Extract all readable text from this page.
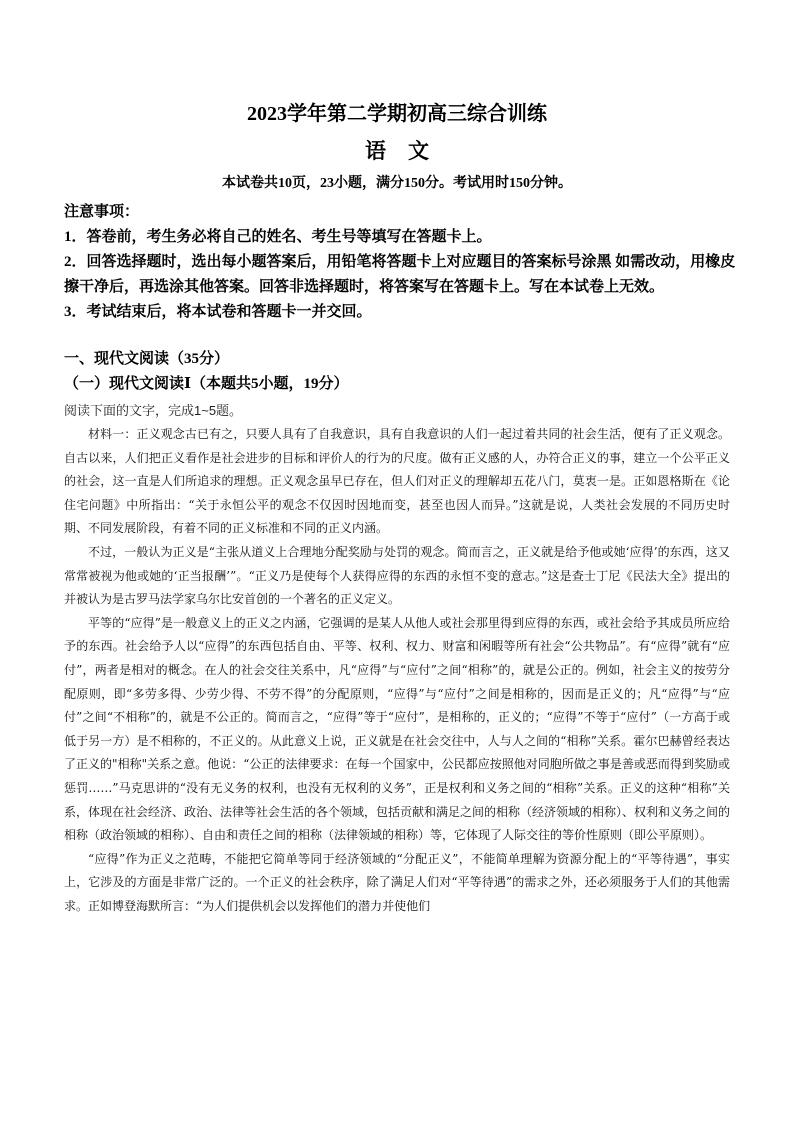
2023学年第二学期初高三综合训练
语文
本试卷共10页，23小题，满分150分。考试用时150分钟。

注意事项：

1．答卷前，考生务必将自己的姓名、考生号等填写在答题卡上。

2．回答选择题时，选出每小题答案后，用铅笔将答题卡上对应题目的答案标号涂黑 如需改动，用橡皮擦干净后，再选涂其他答案。回答非选择题时，将答案写在答题卡上。写在本试卷上无效。

3．考试结束后，将本试卷和答题卡一并交回。

一、现代文阅读（35分）
（一）现代文阅读Ⅰ（本题共5小题，19分）
阅读下面的文字，完成1~5题。

材料一：正义观念古已有之，只要人具有了自我意识，具有自我意识的人们一起过着共同的社会生活，便有了正义观念。自古以来，人们把正义看作是社会进步的目标和评价人的行为的尺度。做有正义感的人，办符合正义的事，建立一个公平正义的社会，这一直是人们所追求的理想。正义观念虽早已存在，但人们对正义的理解却五花八门，莫衷一是。正如恩格斯在《论住宅问题》中所指出：“关于永恒公平的观念不仅因时因地而变，甚至也因人而异。”这就是说，人类社会发展的不同历史时期、不同发展阶段，有着不同的正义标准和不同的正义内涵。

不过，一般认为正义是“主张从道义上合理地分配奖励与处罚的观念。简而言之，正义就是给予他或她‘应得’的东西，这又常常被视为他或她的‘正当报酬’”。“正义乃是使每个人获得应得的东西的永恒不变的意志。”这是查士丁尼《民法大全》提出的并被认为是古罗马法学家乌尔比安首创的一个著名的正义定义。

平等的“应得”是一般意义上的正义之内涵，它强调的是某人从他人或社会那里得到应得的东西，或社会给予其成员所应给予的东西。社会给予人以“应得”的东西包括自由、平等、权利、权力、财富和闲暇等所有社会“公共物品”。有“应得”就有“应付”，两者是相对的概念。在人的社会交往关系中，凡“应得”与“应付”之间“相称”的，就是公正的。例如，社会主义的按劳分配原则，即“多劳多得、少劳少得、不劳不得”的分配原则，“应得”与“应付”之间是相称的，因而是正义的；凡“应得”与“应付”之间“不相称”的，就是不公正的。简而言之，“应得”等于“应付”，是相称的，正义的；“应得”不等于“应付”（一方高于或低于另一方）是不相称的，不正义的。从此意义上说，正义就是在社会交往中，人与人之间的“相称”关系。霍尔巴赫曾经表达了正义的"相称"关系之意。他说：“公正的法律要求：在每一个国家中，公民都应按照他对同胞所做之事是善或恶而得到奖励或惩罚……”马克思讲的“没有无义务的权利，也没有无权利的义务”，正是权利和义务之间的“相称”关系。正义的这种“相称”关系，体现在社会经济、政治、法律等社会生活的各个领域，包括贡献和满足之间的相称（经济领域的相称）、权利和义务之间的相称（政治领域的相称）、自由和责任之间的相称（法律领域的相称）等，它体现了人际交往的等价性原则（即公平原则）。

“应得”作为正义之范畴，不能把它简单等同于经济领域的“分配正义”，不能简单理解为资源分配上的“平等待遇”，事实上，它涉及的方面是非常广泛的。一个正义的社会秩序，除了满足人们对“平等待遇”的需求之外，还必须服务于人们的其他需求。正如博登海默所言：“为人们提供机会以发挥他们的潜力并使他们
